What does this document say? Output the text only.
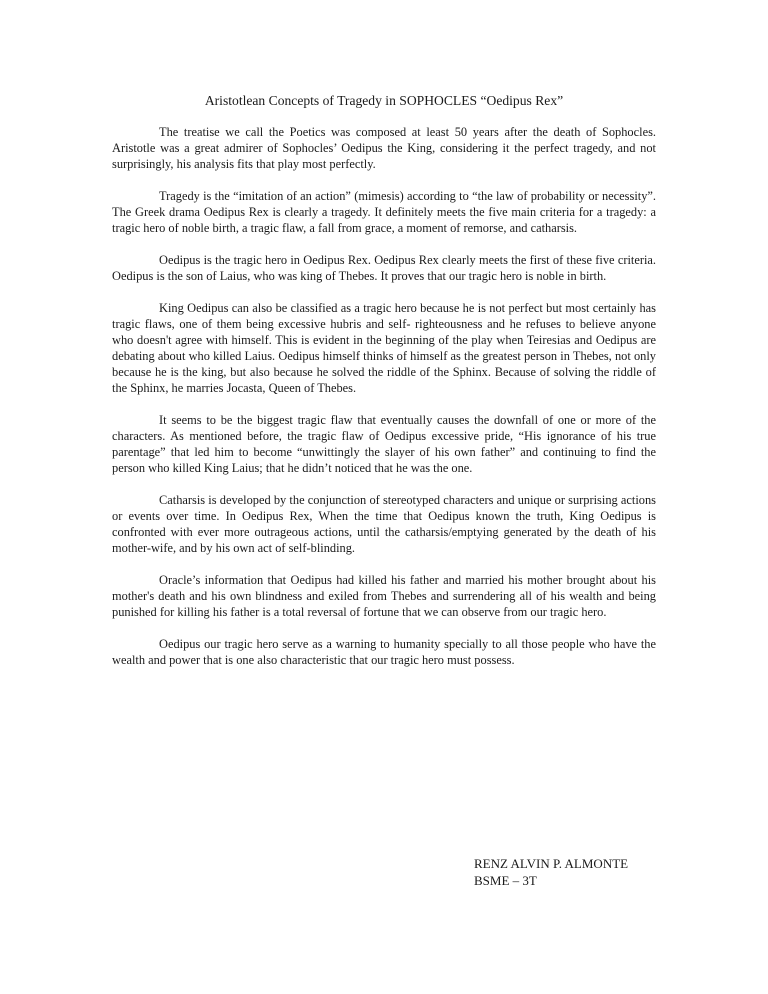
Aristotlean Concepts of Tragedy in SOPHOCLES “Oedipus Rex”

The treatise we call the Poetics was composed at least 50 years after the death of Sophocles. Aristotle was a great admirer of Sophocles’ Oedipus the King, considering it the perfect tragedy, and not surprisingly, his analysis fits that play most perfectly.

Tragedy is the “imitation of an action” (mimesis) according to “the law of probability or necessity”. The Greek drama Oedipus Rex is clearly a tragedy. It definitely meets the five main criteria for a tragedy: a tragic hero of noble birth, a tragic flaw, a fall from grace, a moment of remorse, and catharsis.

Oedipus is the tragic hero in Oedipus Rex. Oedipus Rex clearly meets the first of these five criteria. Oedipus is the son of Laius, who was king of Thebes. It proves that our tragic hero is noble in birth.

King Oedipus can also be classified as a tragic hero because he is not perfect but most certainly has tragic flaws, one of them being excessive hubris and self- righteousness and he refuses to believe anyone who doesn't agree with himself. This is evident in the beginning of the play when Teiresias and Oedipus are debating about who killed Laius. Oedipus himself thinks of himself as the greatest person in Thebes, not only because he is the king, but also because he solved the riddle of the Sphinx. Because of solving the riddle of the Sphinx, he marries Jocasta, Queen of Thebes.

It seems to be the biggest tragic flaw that eventually causes the downfall of one or more of the characters. As mentioned before, the tragic flaw of Oedipus excessive pride, “His ignorance of his true parentage” that led him to become “unwittingly the slayer of his own father” and continuing to find the person who killed King Laius; that he didn’t noticed that he was the one.

Catharsis is developed by the conjunction of stereotyped characters and unique or surprising actions or events over time. In Oedipus Rex, When the time that Oedipus known the truth, King Oedipus is confronted with ever more outrageous actions, until the catharsis/emptying generated by the death of his mother-wife, and by his own act of self-blinding.

Oracle’s information that Oedipus had killed his father and married his mother brought about his mother's death and his own blindness and exiled from Thebes and surrendering all of his wealth and being punished for killing his father is a total reversal of fortune that we can observe from our tragic hero.

Oedipus our tragic hero serve as a warning to humanity specially to all those people who have the wealth and power that is one also characteristic that our tragic hero must possess.

RENZ ALVIN P. ALMONTE
BSME – 3T
